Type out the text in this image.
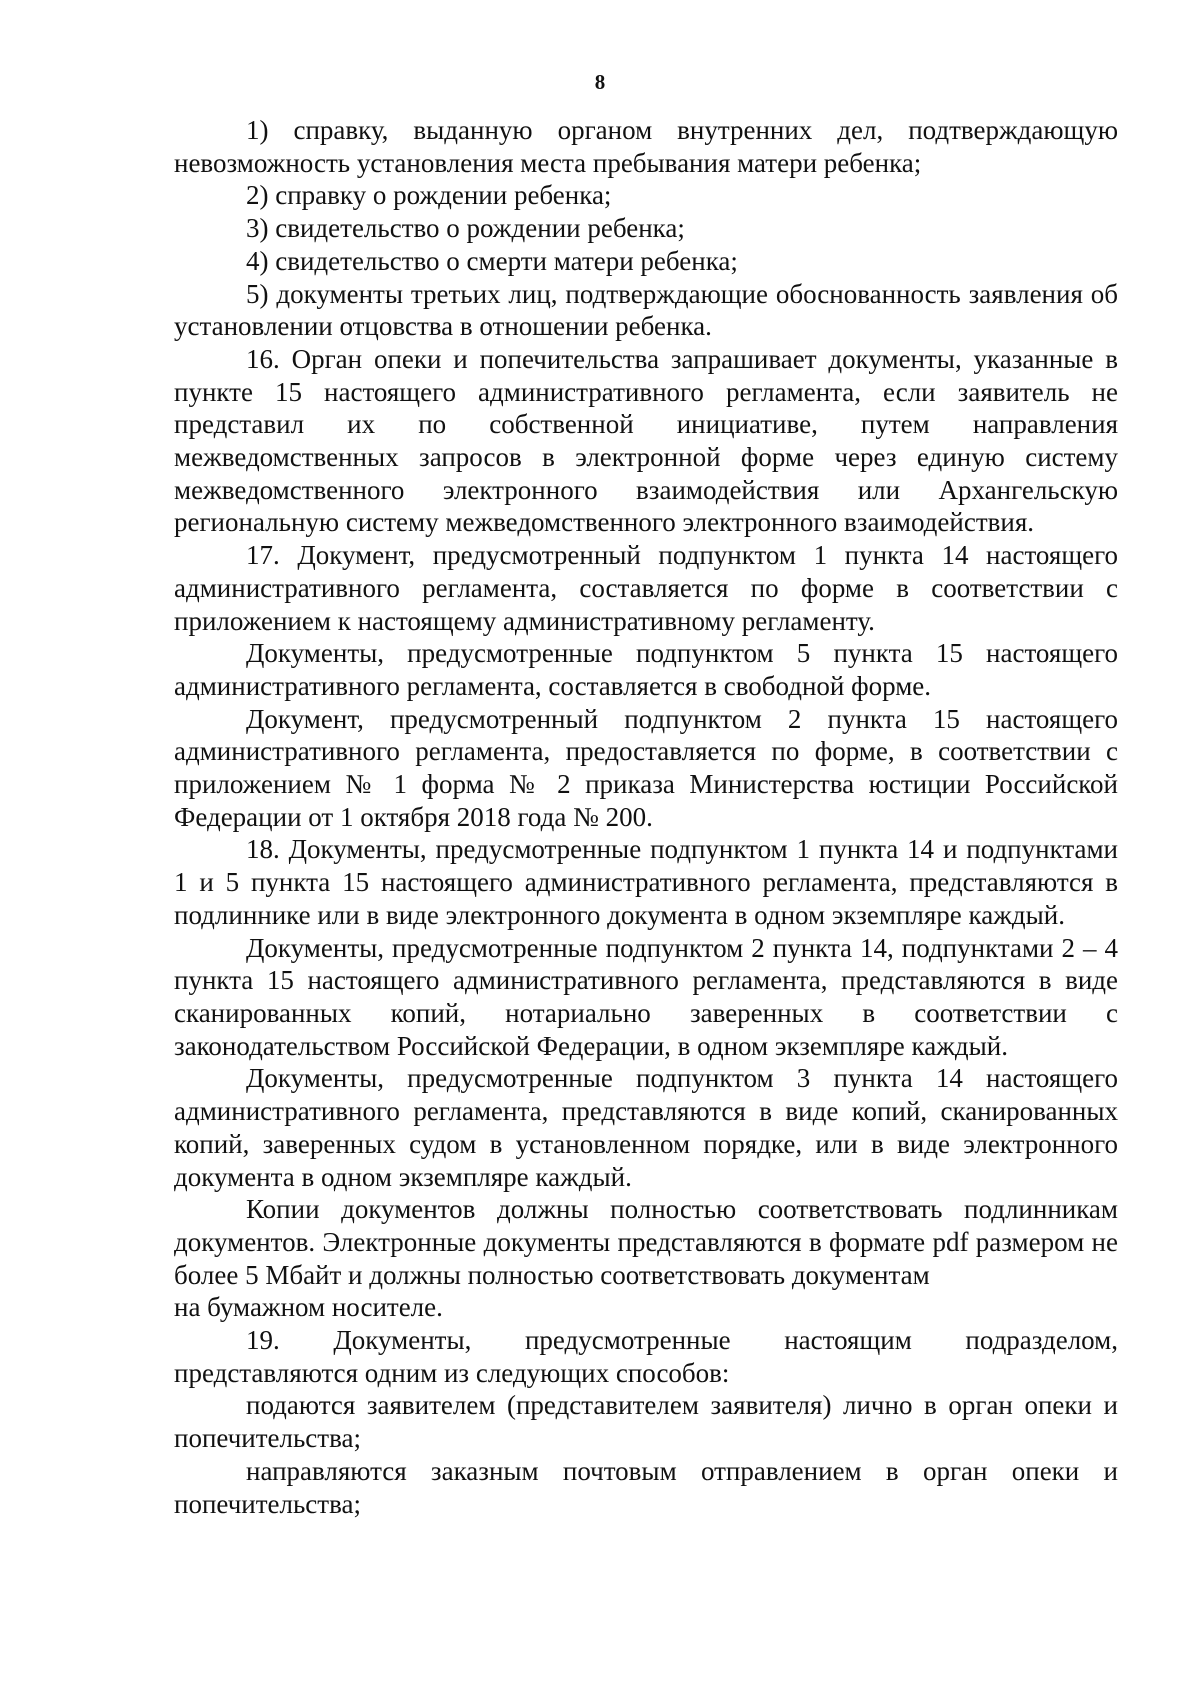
8

1) справку, выданную органом внутренних дел, подтверждающую невозможность установления места пребывания матери ребенка;

2) справку о рождении ребенка;

3) свидетельство о рождении ребенка;

4) свидетельство о смерти матери ребенка;

5) документы третьих лиц, подтверждающие обоснованность заявления об установлении отцовства в отношении ребенка.

16. Орган опеки и попечительства запрашивает документы, указанные в пункте 15 настоящего административного регламента, если заявитель не представил их по собственной инициативе, путем направления межведомственных запросов в электронной форме через единую систему межведомственного электронного взаимодействия или Архангельскую региональную систему межведомственного электронного взаимодействия.

17. Документ, предусмотренный подпунктом 1 пункта 14 настоящего административного регламента, составляется по форме в соответствии с приложением к настоящему административному регламенту.

Документы, предусмотренные подпунктом 5 пункта 15 настоящего административного регламента, составляется в свободной форме.

Документ, предусмотренный подпунктом 2 пункта 15 настоящего административного регламента, предоставляется по форме, в соответствии с приложением № 1 форма № 2 приказа Министерства юстиции Российской Федерации от 1 октября 2018 года № 200.

18. Документы, предусмотренные подпунктом 1 пункта 14 и подпунктами 1 и 5 пункта 15 настоящего административного регламента, представляются в подлиннике или в виде электронного документа в одном экземпляре каждый.

Документы, предусмотренные подпунктом 2 пункта 14, подпунктами 2 – 4 пункта 15 настоящего административного регламента, представляются в виде сканированных копий, нотариально заверенных в соответствии с законодательством Российской Федерации, в одном экземпляре каждый.

Документы, предусмотренные подпунктом 3 пункта 14 настоящего административного регламента, представляются в виде копий, сканированных копий, заверенных судом в установленном порядке, или в виде электронного документа в одном экземпляре каждый.

Копии документов должны полностью соответствовать подлинникам документов. Электронные документы представляются в формате pdf размером не более 5 Мбайт и должны полностью соответствовать документам

на бумажном носителе.

19. Документы, предусмотренные настоящим подразделом, представляются одним из следующих способов:

подаются заявителем (представителем заявителя) лично в орган опеки и попечительства;

направляются заказным почтовым отправлением в орган опеки и попечительства;
